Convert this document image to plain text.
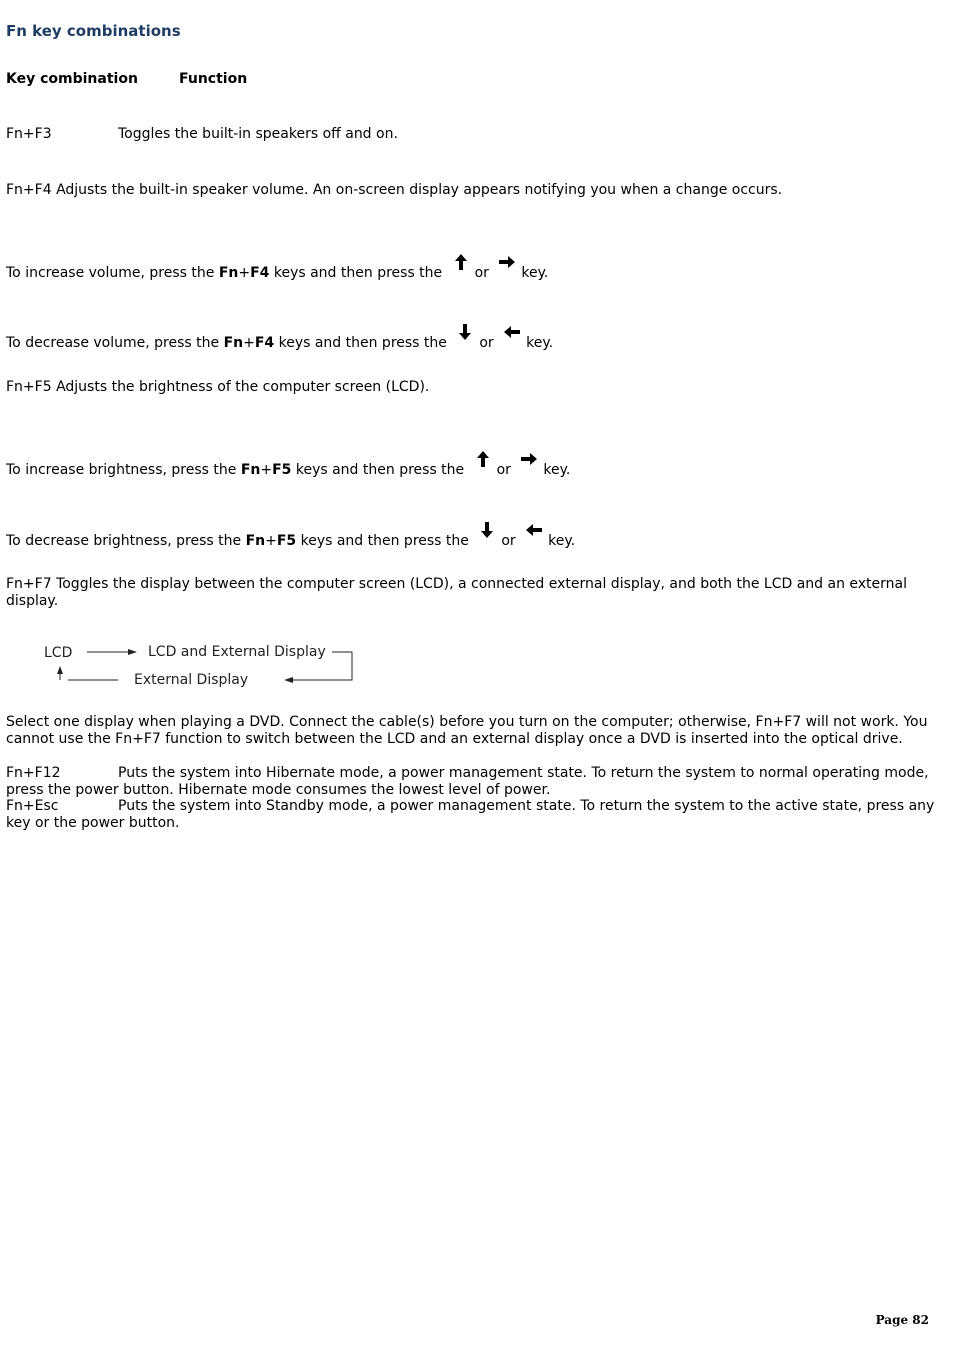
Fn key combinations
Key combination	Function
Fn+F3	Toggles the built-in speakers off and on.
Fn+F4 Adjusts the built-in speaker volume. An on-screen display appears notifying you when a change occurs.
To increase volume, press the Fn+F4 keys and then press the or key.
To decrease volume, press the Fn+F4 keys and then press the or key.
Fn+F5 Adjusts the brightness of the computer screen (LCD).
To increase brightness, press the Fn+F5 keys and then press the or key.
To decrease brightness, press the Fn+F5 keys and then press the or key.
Fn+F7 Toggles the display between the computer screen (LCD), a connected external display, and both the LCD and an external display.
LCD	LCD and External Display
External Display
Select one display when playing a DVD. Connect the cable(s) before you turn on the computer; otherwise, Fn+F7 will not work. You cannot use the Fn+F7 function to switch between the LCD and an external display once a DVD is inserted into the optical drive.
Fn+F12	Puts the system into Hibernate mode, a power management state. To return the system to normal operating mode, press the power button. Hibernate mode consumes the lowest level of power.
Fn+Esc	Puts the system into Standby mode, a power management state. To return the system to the active state, press any key or the power button.
Page 82
